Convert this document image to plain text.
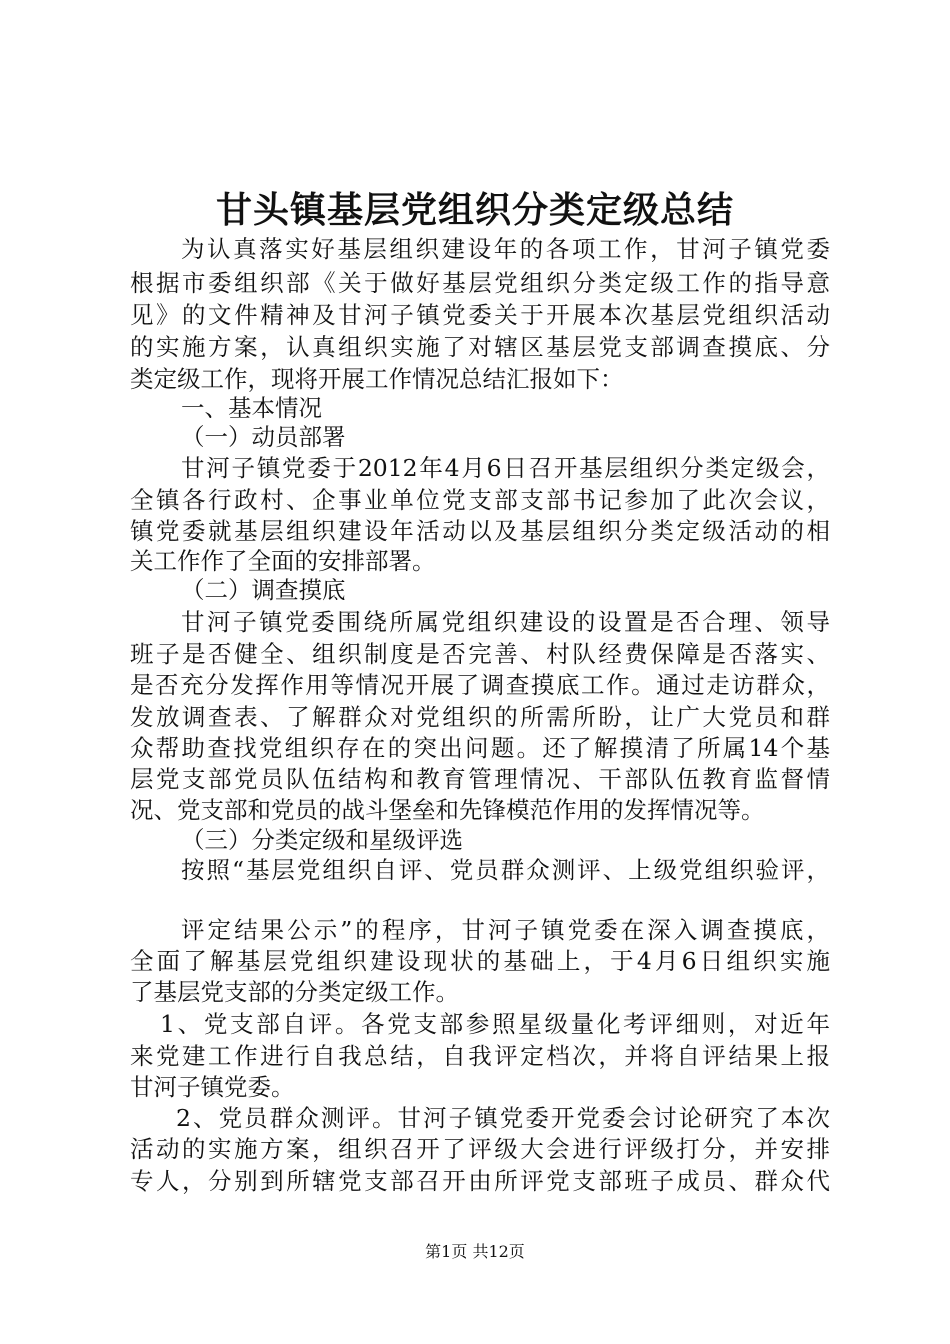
甘头镇基层党组织分类定级总结
为认真落实好基层组织建设年的各项工作，甘河子镇党委
根据市委组织部《关于做好基层党组织分类定级工作的指导意
见》的文件精神及甘河子镇党委关于开展本次基层党组织活动
的实施方案，认真组织实施了对辖区基层党支部调查摸底、分
类定级工作，现将开展工作情况总结汇报如下：
一、基本情况
（一）动员部署
甘河子镇党委于2012年4月6日召开基层组织分类定级会，
全镇各行政村、企事业单位党支部支部书记参加了此次会议，
镇党委就基层组织建设年活动以及基层组织分类定级活动的相
关工作作了全面的安排部署。
（二）调查摸底
甘河子镇党委围绕所属党组织建设的设置是否合理、领导
班子是否健全、组织制度是否完善、村队经费保障是否落实、
是否充分发挥作用等情况开展了调查摸底工作。通过走访群众，
发放调查表、了解群众对党组织的所需所盼，让广大党员和群
众帮助查找党组织存在的突出问题。还了解摸清了所属14个基
层党支部党员队伍结构和教育管理情况、干部队伍教育监督情
况、党支部和党员的战斗堡垒和先锋模范作用的发挥情况等。
（三）分类定级和星级评选
按照“基层党组织自评、党员群众测评、上级党组织验评，
评定结果公示”的程序，甘河子镇党委在深入调查摸底，
全面了解基层党组织建设现状的基础上，于4月6日组织实施
了基层党支部的分类定级工作。
1、党支部自评。各党支部参照星级量化考评细则，对近年
来党建工作进行自我总结，自我评定档次，并将自评结果上报
甘河子镇党委。
2、党员群众测评。甘河子镇党委开党委会讨论研究了本次
活动的实施方案，组织召开了评级大会进行评级打分，并安排
专人，分别到所辖党支部召开由所评党支部班子成员、群众代
第1页 共12页
